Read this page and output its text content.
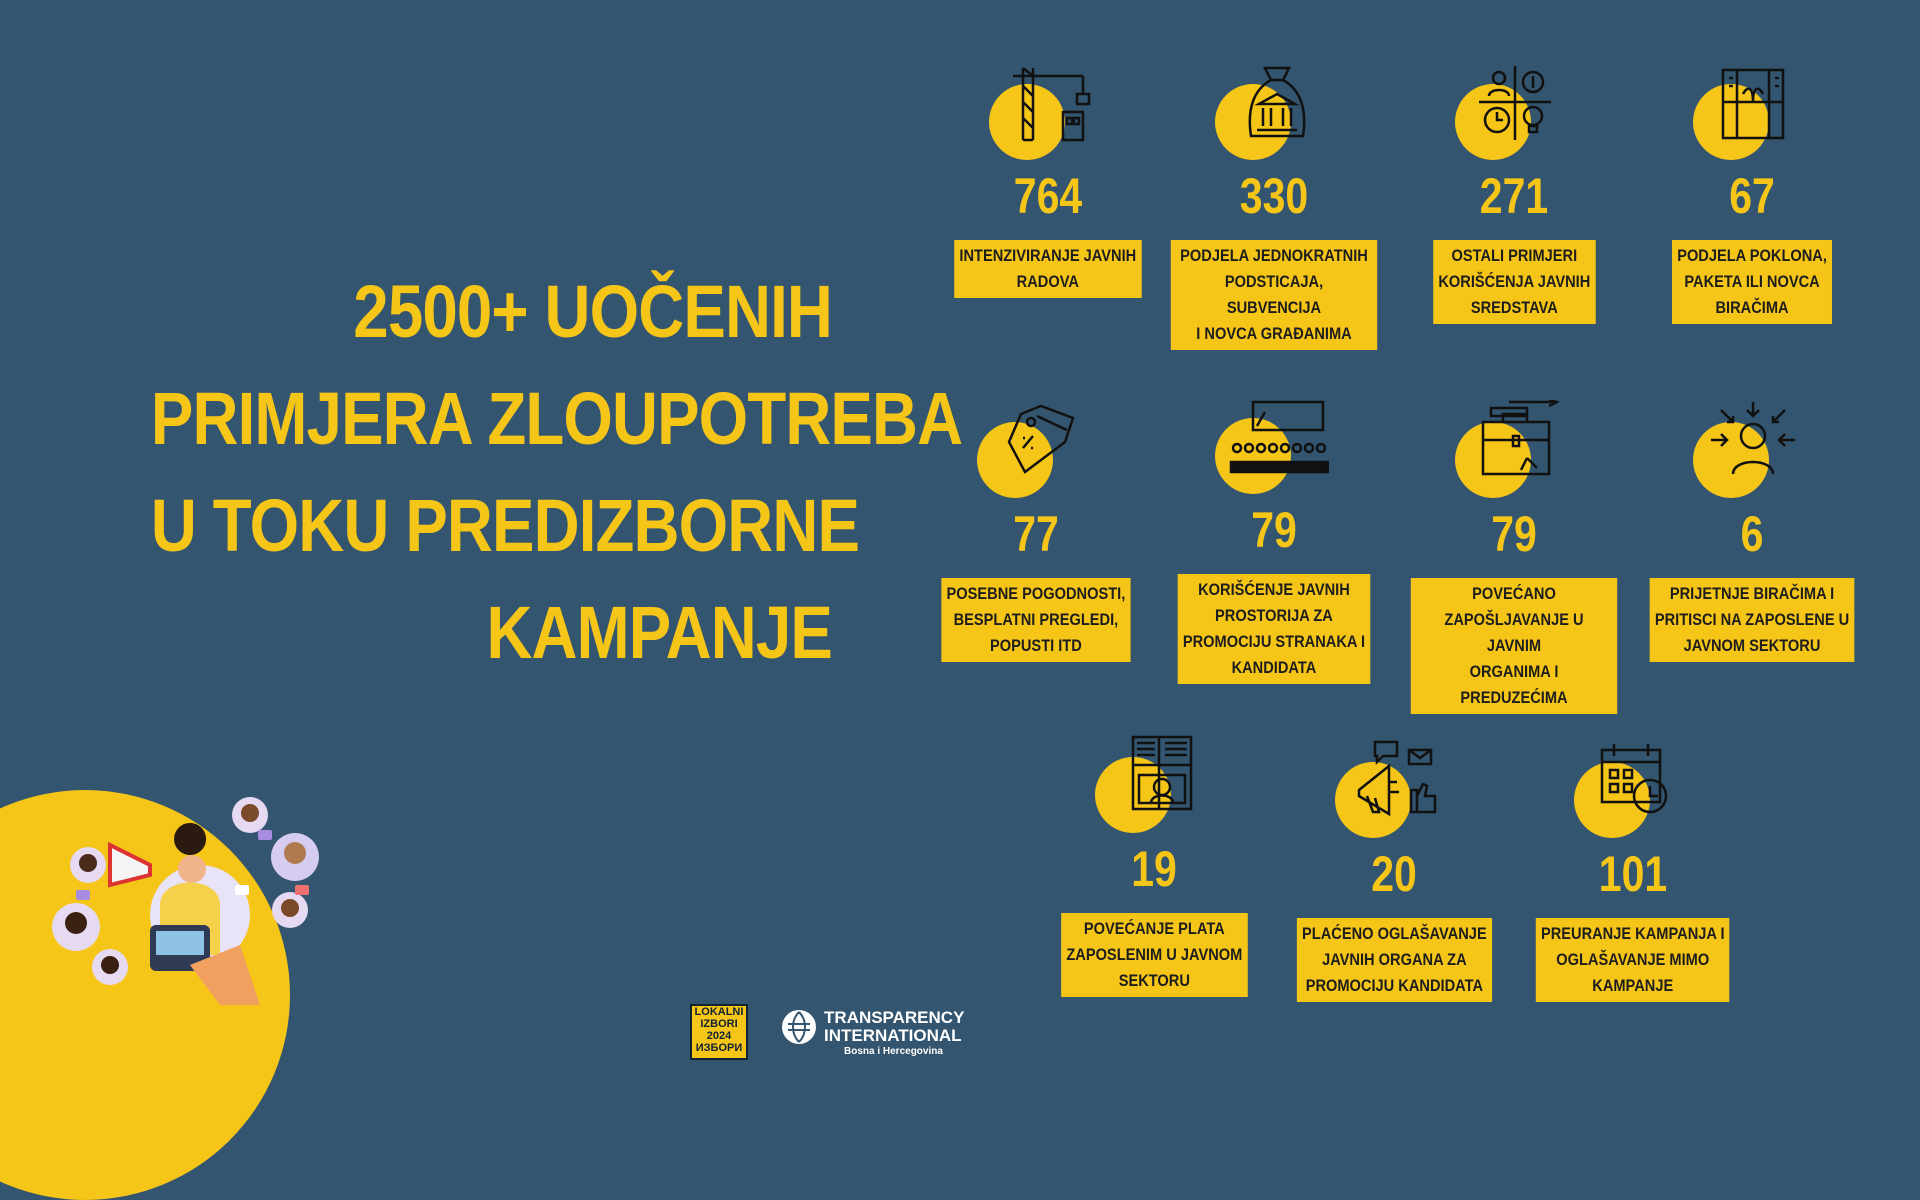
2500+ UOČENIH
PRIMJERA ZLOUPOTREBA
U TOKU PREDIZBORNE
KAMPANJE
764
INTENZIVIRANJE JAVNIH
RADOVA
330
PODJELA JEDNOKRATNIH
PODSTICAJA, SUBVENCIJA
I NOVCA GRAĐANIMA
271
OSTALI PRIMJERI
KORIŠĆENJA JAVNIH
SREDSTAVA
67
PODJELA POKLONA,
PAKETA ILI NOVCA
BIRAČIMA
77
POSEBNE POGODNOSTI,
BESPLATNI PREGLEDI,
POPUSTI ITD
79
KORIŠĆENJE JAVNIH
PROSTORIJA ZA
PROMOCIJU STRANAKA I
KANDIDATA
79
POVEĆANO
ZAPOŠLJAVANJE U JAVNIM
ORGANIMA I
PREDUZEĆIMA
6
PRIJETNJE BIRAČIMA I
PRITISCI NA ZAPOSLENE U
JAVNOM SEKTORU
19
POVEĆANJE PLATA
ZAPOSLENIM U JAVNOM
SEKTORU
20
PLAĆENO OGLAŠAVANJE
JAVNIH ORGANA ZA
PROMOCIJU KANDIDATA
101
PREURANJE KAMPANJA I
OGLAŠAVANJE MIMO
KAMPANJE
LOKALNI
IZBORI
2024
ИЗБОРИ
TRANSPARENCY
INTERNATIONAL
Bosna i Hercegovina
